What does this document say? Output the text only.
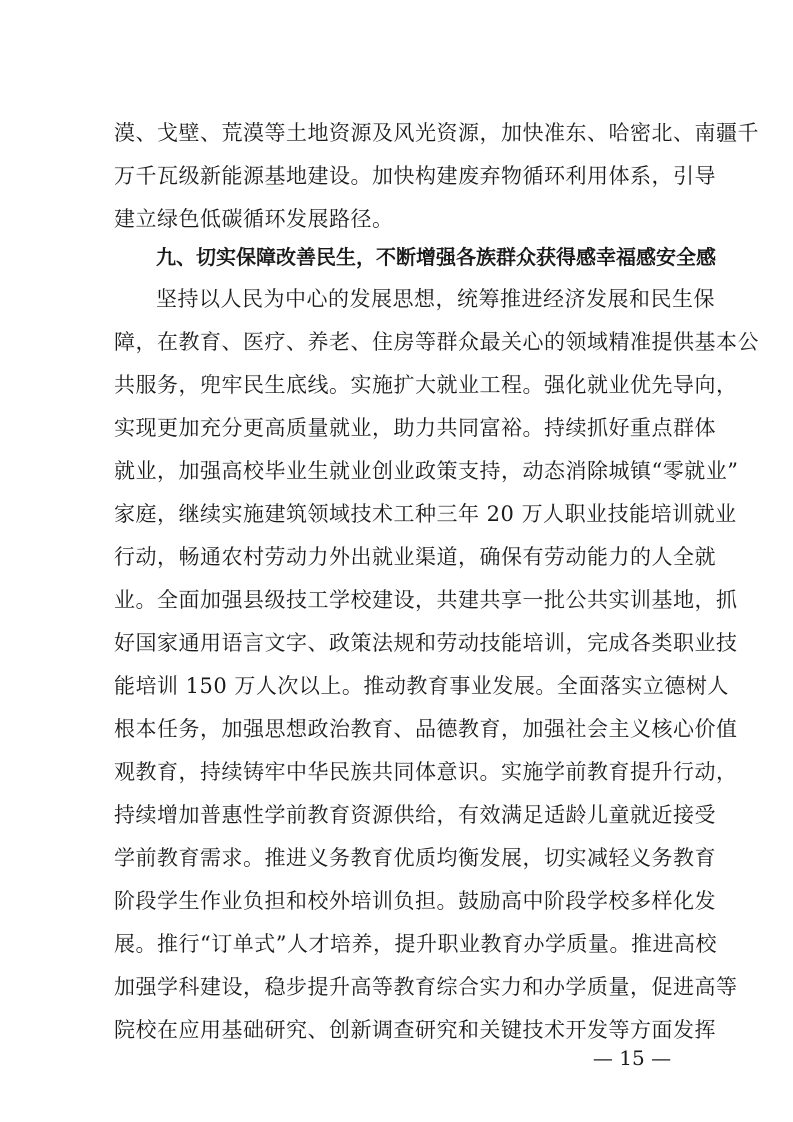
漠、戈壁、荒漠等土地资源及风光资源，加快准东、哈密北、南疆千
万千瓦级新能源基地建设。加快构建废弃物循环利用体系，引导
建立绿色低碳循环发展路径。
九、切实保障改善民生，不断增强各族群众获得感幸福感安全感
坚持以人民为中心的发展思想，统筹推进经济发展和民生保
障，在教育、医疗、养老、住房等群众最关心的领域精准提供基本公
共服务，兜牢民生底线。实施扩大就业工程。强化就业优先导向，
实现更加充分更高质量就业，助力共同富裕。持续抓好重点群体
就业，加强高校毕业生就业创业政策支持，动态消除城镇“零就业”
家庭，继续实施建筑领域技术工种三年 20 万人职业技能培训就业
行动，畅通农村劳动力外出就业渠道，确保有劳动能力的人全就
业。全面加强县级技工学校建设，共建共享一批公共实训基地，抓
好国家通用语言文字、政策法规和劳动技能培训，完成各类职业技
能培训 150 万人次以上。推动教育事业发展。全面落实立德树人
根本任务，加强思想政治教育、品德教育，加强社会主义核心价值
观教育，持续铸牢中华民族共同体意识。实施学前教育提升行动，
持续增加普惠性学前教育资源供给，有效满足适龄儿童就近接受
学前教育需求。推进义务教育优质均衡发展，切实减轻义务教育
阶段学生作业负担和校外培训负担。鼓励高中阶段学校多样化发
展。推行“订单式”人才培养，提升职业教育办学质量。推进高校
加强学科建设，稳步提升高等教育综合实力和办学质量，促进高等
院校在应用基础研究、创新调查研究和关键技术开发等方面发挥
— 15 —
